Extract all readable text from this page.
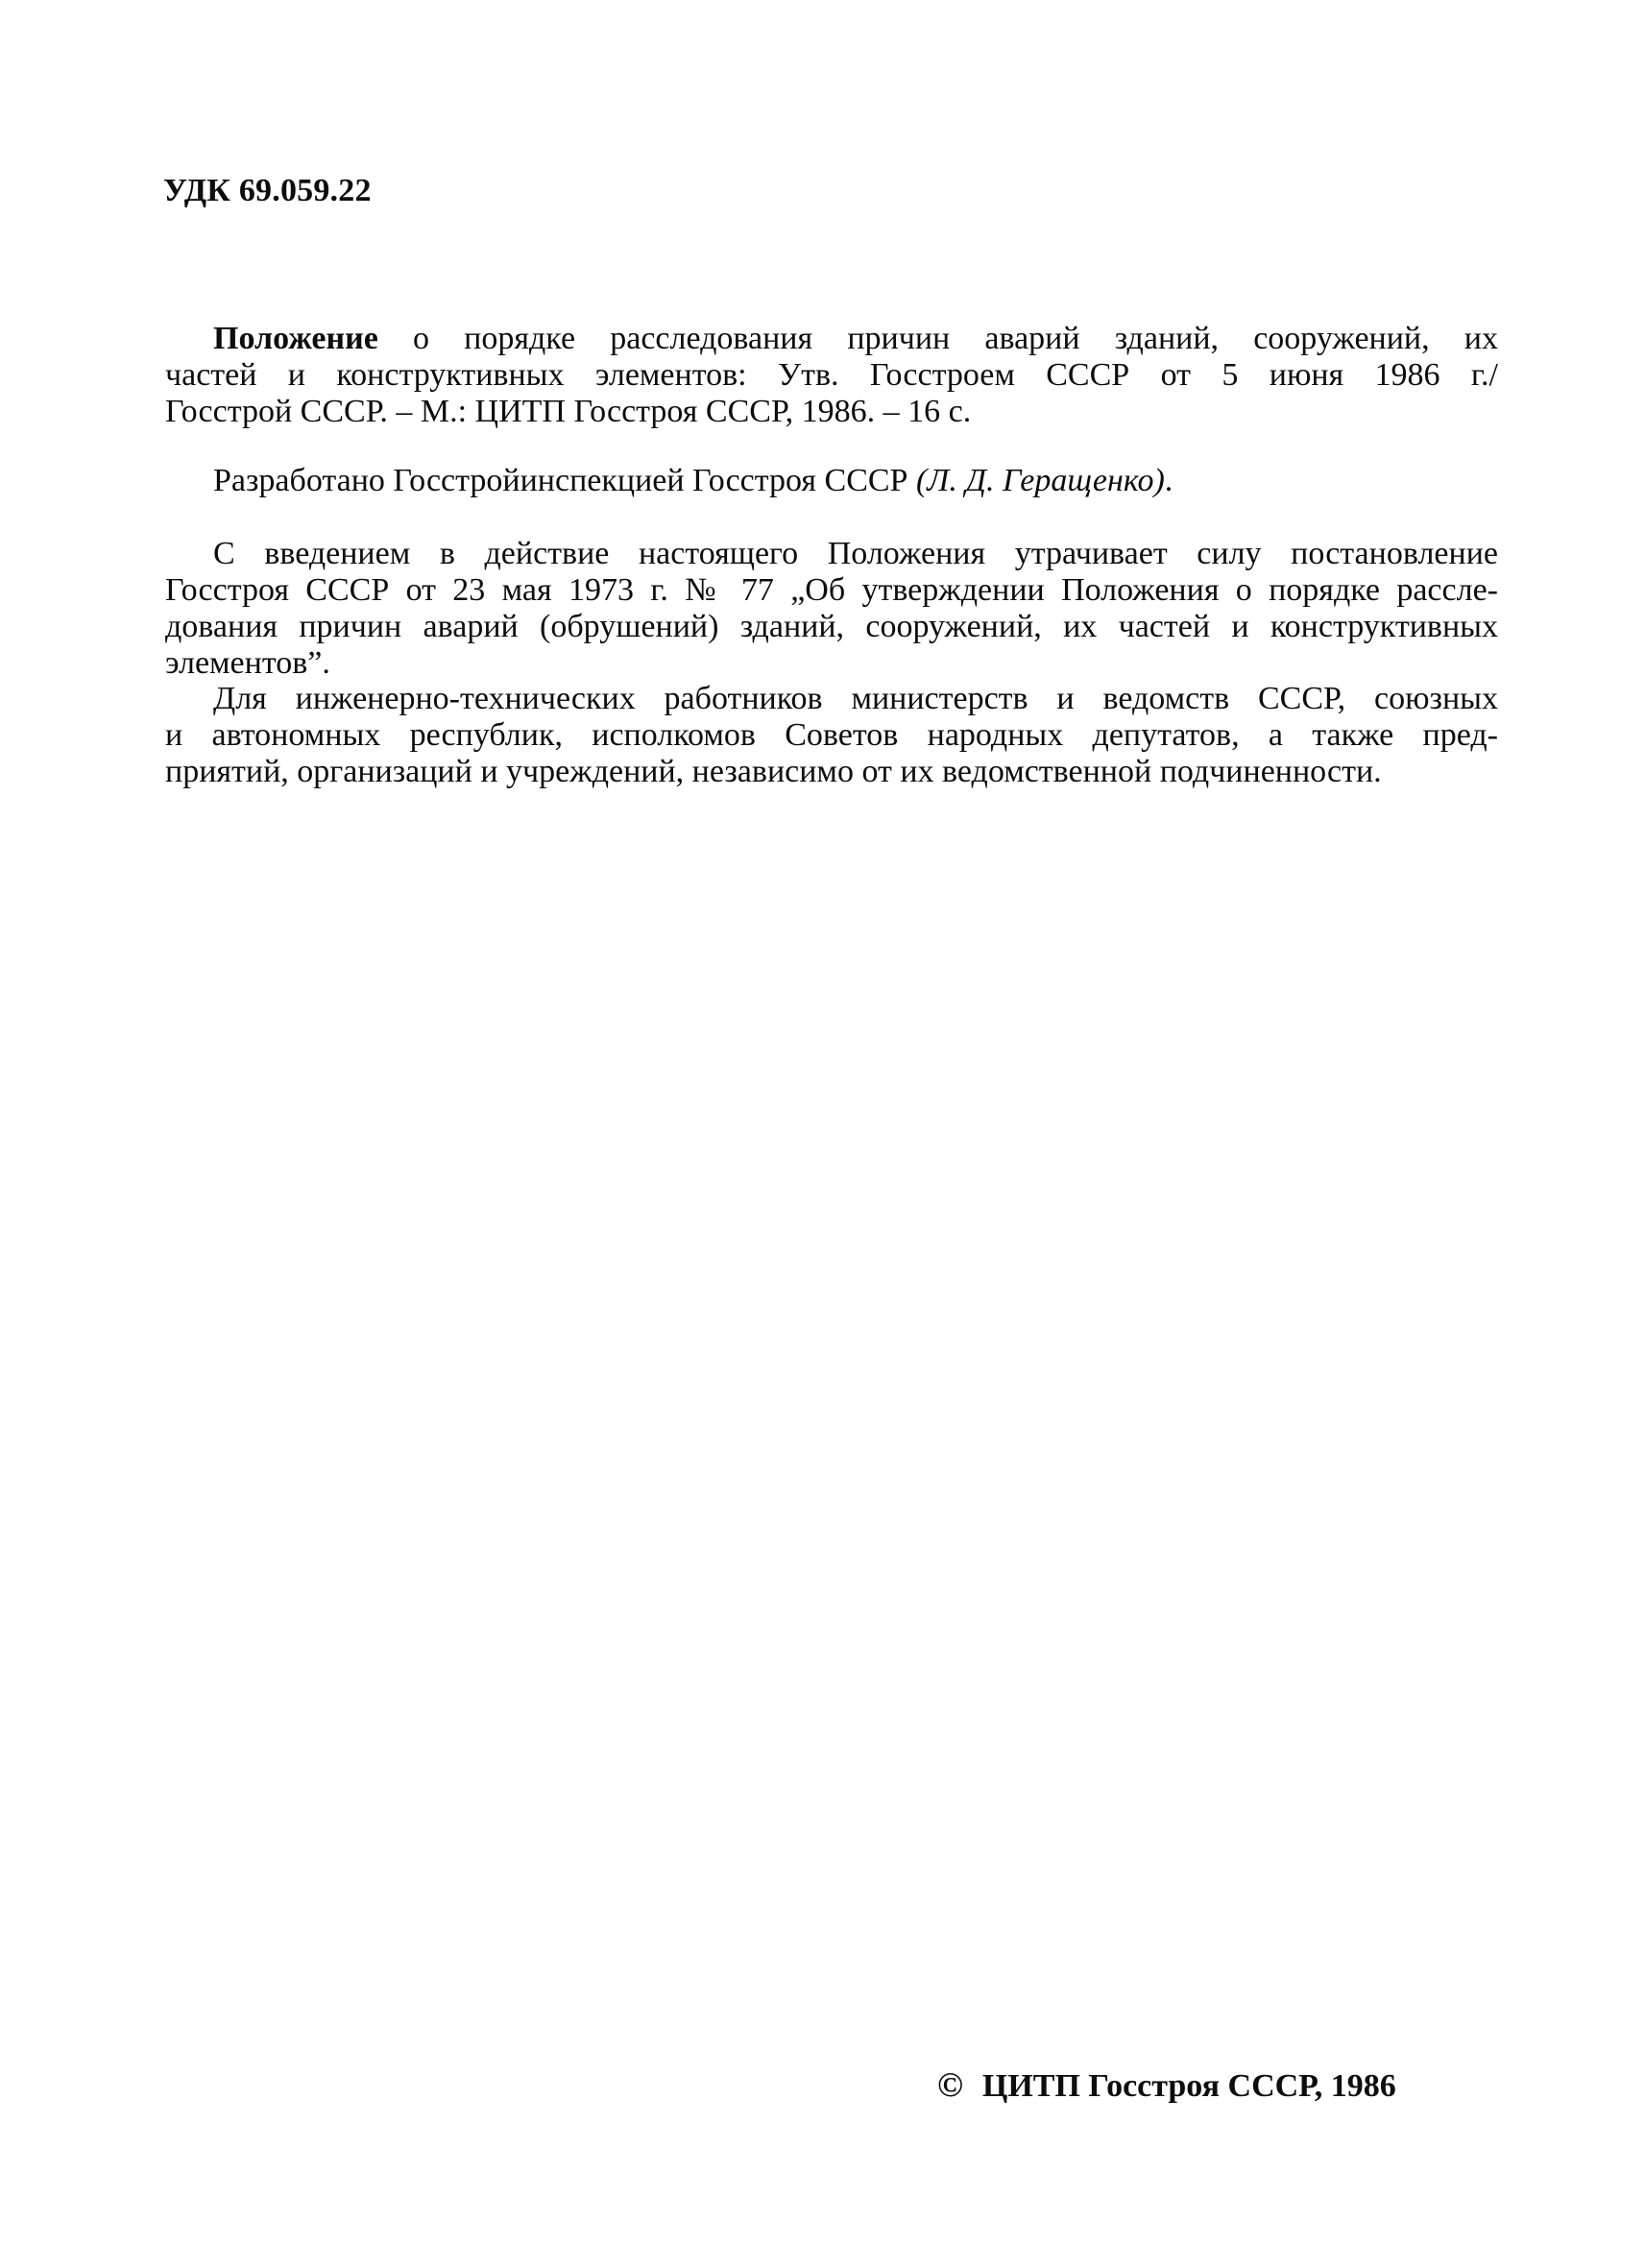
УДК 69.059.22
Положение о порядке расследования причин аварий зданий, сооружений, их
частей и конструктивных элементов: Утв. Госстроем СССР от 5 июня 1986 г./
Госстрой СССР. – М.: ЦИТП Госстроя СССР, 1986. – 16 с.
Разработано Госстройинспекцией Госстроя СССР (Л. Д. Геращенко).
С введением в действие настоящего Положения утрачивает силу постановление
Госстроя СССР от 23 мая 1973 г. № 77 „Об утверждении Положения о порядке рассле-
дования причин аварий (обрушений) зданий, сооружений, их частей и конструктивных
элементов”.
Для инженерно-технических работников министерств и ведомств СССР, союзных
и автономных республик, исполкомов Советов народных депутатов, а также пред-
приятий, организаций и учреждений, независимо от их ведомственной подчиненности.
© ЦИТП Госстроя СССР, 1986
